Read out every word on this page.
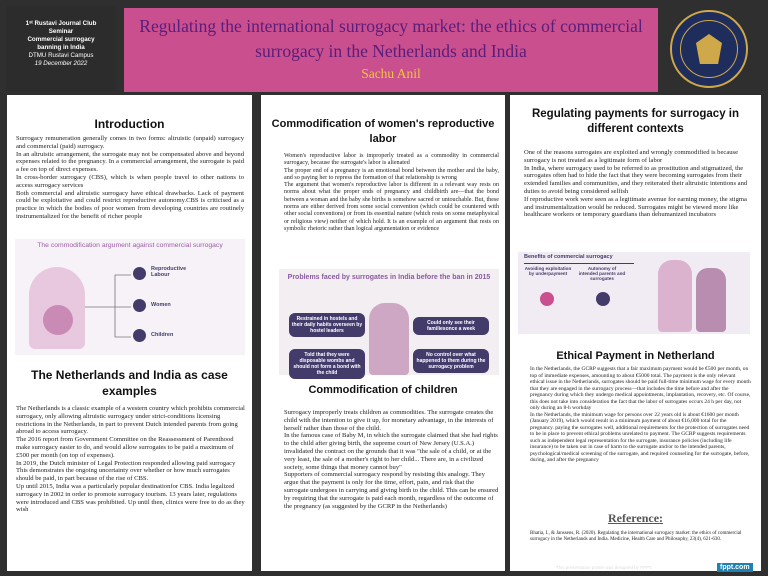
1ˢᵗ Rustavi Journal Club
Seminar
Commercial surrogacy
banning in India
DTMU Rustavi Campus
19 December 2022
Regulating the international surrogacy market: the ethics of commercial surrogacy in the Netherlands and India
Sachu Anil
Introduction

Surrogacy remuneration generally comes in two forms: altruistic (unpaid) surrogacy and commercial (paid) surrogacy.

In an altruistic arrangement, the surrogate may not be compensated above and beyond expenses related to the pregnancy. In a commercial arrangement, the surrogate is paid a fee on top of direct expenses.

In cross-border surrogacy (CBS), which is when people travel to other nations to access surrogacy services

Both commercial and altruistic surrogacy have ethical drawbacks. Lack of payment could be exploitative and could restrict reproductive autonomy.CBS is criticised as a practice in which the bodies of poor women from developing countries are routinely instrumentalized for the benefit of richer people

The commodification argument against commercial surrogacy
Reproductive Labour
Women
Children
The Netherlands and India as case examples

The Netherlands is a classic example of a western country which prohibits commercial surrogacy, only allowing altruistic surrogacy under strict-conditions licensing restrictions in the Netherlands, in part to prevent Dutch intended parents from going abroad to access surrogacy.

The 2016 report from Government Committee on the Reassessment of Parenthood make surrogacy easier to do, and would allow surrogates to be paid a maximum of £500 per month (on top of expenses).

In 2019, the Dutch minister of Legal Protection responded allowing paid surrogacy This demonstrates the ongoing uncertainty over whether or how much surrogates should be paid, in part because of the rise of CBS.

Up until 2015, India was a particularly popular destinationfor CBS. India legalized surrogacy in 2002 in order to promote surrogacy tourism. 13 years later, regulations were introduced and CBS was prohibited. Up until then, clinics were free to do as they wish

Commodification of women's reproductive labor

Women's reproductive labor is improperly treated as a commodity in commercial surrogacy, because the surrogate's labor is alienated

The proper end of a pregnancy is an emotional bond between the mother and the baby, and so paying her to repress the formation of that relationship is wrong

The argument that women's reproductive labor is different in a relevant way rests on norms about what the proper ends of pregnancy and childbirth are—that the bond between a woman and the baby she births is somehow sacred or untouchable. But, these norms are either derived from some social convention (which could be countered with other social conventions) or from its essential nature (which rests on some metaphysical or religious view) neither of which hold. It is an example of an argument that rests on symbolic rhetoric rather than logical argumentation or evidence

Problems faced by surrogates in India before the ban in 2015
Restrained in hostels and their daily habits overseen by hostel leaders
Could only see their familiesonce a week
Told that they were disposable wombs and should not form a bond with the child
No control over what happened to them during the surrogacy problem
Commodification of children

Surrogacy improperly treats children as commodities. The surrogate creates the child with the intention to give it up, for monetary advantage, in the interests of herself rather than those of the child.

In the famous case of Baby M, in which the surrogate claimed that she had rights to the child after giving birth, the supreme court of New Jersey (U.S.A.) invalidated the contract on the grounds that it was "the sale of a child, or at the very least, the sale of a mother's right to her child... There are, in a civilized society, some things that money cannot buy"

Supporters of commercial surrogacy respond by resisting this analogy. They argue that the payment is only for the time, effort, pain, and risk that the surrogate undergoes in carrying and giving birth to the child. This can be ensured by requiring that the surrogate is paid each month, regardless of the outcome of the pregnancy (as suggested by the GCRP in the Netherlands)

Regulating payments for surrogacy in different contexts

One of the reasons surrogates are exploited and wrongly commodified is because surrogacy is not treated as a legitimate form of labor

In India, where surrogacy used to be referred to as prostitution and stigmatized, the surrogates often had to hide the fact that they were becoming surrogates from their extended families and communities, and they reiterated their altruistic intentions and duties to avoid being considered selfish

If reproductive work were seen as a legitimate avenue for earning money, the stigma and instrumentalization would be reduced. Surrogates might be viewed more like healthcare workers or temporary guardians than dehumanized incubators

Benefits of commercial surrogacy
Avoiding exploitation by underpayment
Autonomy of intended parents and surrogates
Ethical Payment in Netherland

In the Netherlands, the GCRP suggests that a fair maximum payment would be €500 per month, on top of immediate expenses, amounting to about €5000 total. The payment is the only relevant ethical issue in the Netherlands, surrogates should be paid full-time minimum wage for every month that they are engaged in the surrogacy process—that includes the time before and after the pregnancy during which they undergo medical appointments, implantation, recovery, etc. Of course, this does not take into consideration the fact that the labor of surrogates occurs 24 h per day, not only during an 8-h workday

In the Netherlands, the minimum wage for persons over 22 years old is about €1600 per month (January 2019), which would result in a minimum payment of about €16,000 total for the pregnancy. paying the surrogates well, additional requirements for the protection of surrogates need to be in place to prevent ethical problems unrelated to payment. The GCRP suggests requirements such as independent legal representation for the surrogate, insurance policies (including life insurance) to be taken out in case of harm to the surrogate and/or to the intended parents, psychological/medical screening of the surrogate, and required counseling for the surrogate, before, during, and after the pregnancy

Reference:
Bhatia, I., & Janssens, R. (2020). Regulating the international surrogacy market: the ethics of commercial surrogacy in the Netherlands and India. Medicine, Health Care and Philosophy, 23(4), 621-630.
This presentation poster was designed by FPPT.	fppt.com
